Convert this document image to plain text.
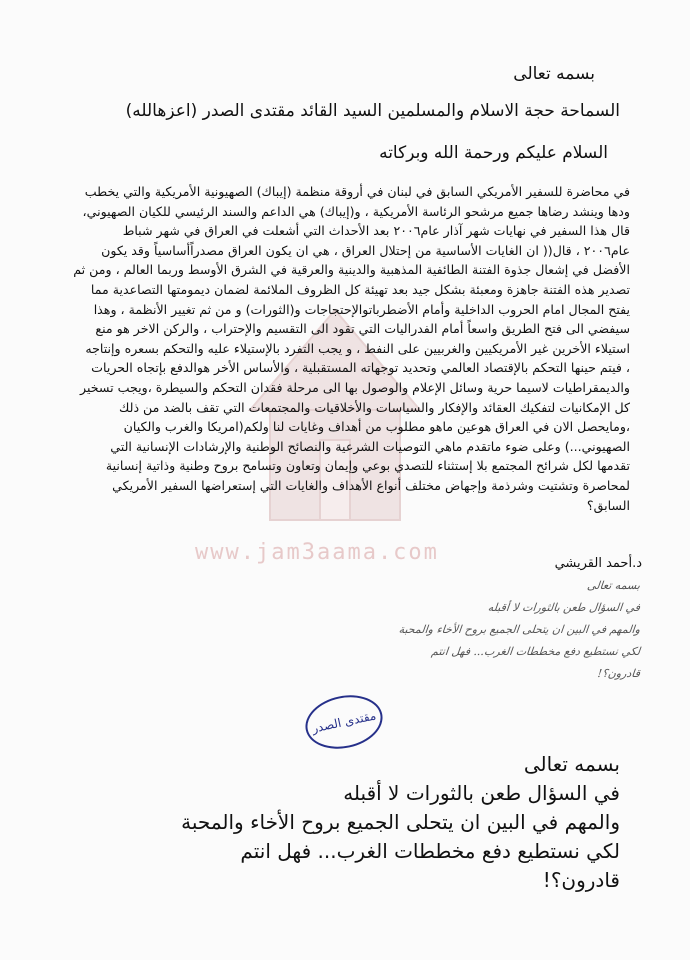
www.jam3aama.com
بسمه تعالى
السماحة حجة الاسلام والمسلمين السيد القائد مقتدى الصدر (اعزهالله)
السلام عليكم ورحمة الله وبركاته
في محاضرة للسفير الأمريكي السابق في لبنان في أروقة منظمة (إيباك) الصهيونية الأمريكية والتي يخطب
ودها وينشد رضاها جميع مرشحو الرئاسة الأمريكية ، و(إيباك) هي الداعم والسند الرئيسي للكيان الصهيوني،
قال هذا السفير في نهايات شهر آذار عام٢٠٠٦ بعد الأحداث التي أشعلت في العراق في شهر شباط
عام٢٠٠٦ ، قال(( ان الغايات الأساسية من إحتلال العراق ، هي ان يكون العراق مصدراًأساسياً وقد يكون
الأفضل في إشعال جذوة الفتنة الطائفية المذهبية والدينية والعرقية في الشرق الأوسط وربما العالم ، ومن ثم
تصدير هذه الفتنة جاهزة ومعبئة بشكل جيد بعد تهيئة كل الظروف الملائمة لضمان ديمومتها التصاعدية مما
يفتح المجال امام الحروب الداخلية وأمام الأضطرباتوالإحتجاجات و(الثورات) و من ثم تغيير الأنظمة ، وهذا
سيفضي الى فتح الطريق واسعاً أمام الفدراليات التي تقود الى التقسيم والإحتراب ، والركن الاخر هو منع
استيلاء الأخرين غير الأمريكيين والغربيين على النفط ، و يجب التفرد بالإستيلاء عليه والتحكم بسعره وإنتاجه
، فيتم حينها التحكم بالإقتصاد العالمي وتحديد توجهاته المستقبلية ، والأساس الأخر هوالدفع بإتجاه الحريات
والديمقراطيات لاسيما حرية وسائل الإعلام والوصول بها الى مرحلة فقدان التحكم والسيطرة ،ويجب تسخير
كل الإمكانيات لتفكيك العقائد والإفكار والسياسات والأخلاقيات والمجتمعات التي تقف بالضد من ذلك
،ومايحصل الان في العراق هوعين ماهو مطلوب من أهداف وغايات لنا ولكم(امريكا والغرب والكيان
الصهيوني...) وعلى ضوء ماتقدم ماهي التوصيات الشرعية والنصائح الوطنية والإرشادات الإنسانية التي
تقدمها لكل شرائح المجتمع بلا إستثناء للتصدي بوعي وإيمان وتعاون وتسامح بروح وطنية وذاتية إنسانية
لمحاصرة وتشتيت وشرذمة وإجهاض مختلف أنواع الأهداف والغايات التي إستعراضها السفير الأمريكي
السابق؟
د.أحمد القريشي
بسمه تعالى
في السؤال طعن بالثورات لا أقبله
والمهم في البين ان يتحلى الجميع بروح الأخاء والمحبة
لكي نستطيع دفع مخططات الغرب... فهل انتم
قادرون؟!
مقتدى الصدر
بسمه تعالى
في السؤال طعن بالثورات لا أقبله
والمهم في البين ان يتحلى الجميع بروح الأخاء والمحبة
لكي نستطيع دفع مخططات الغرب... فهل انتم
قادرون؟!
